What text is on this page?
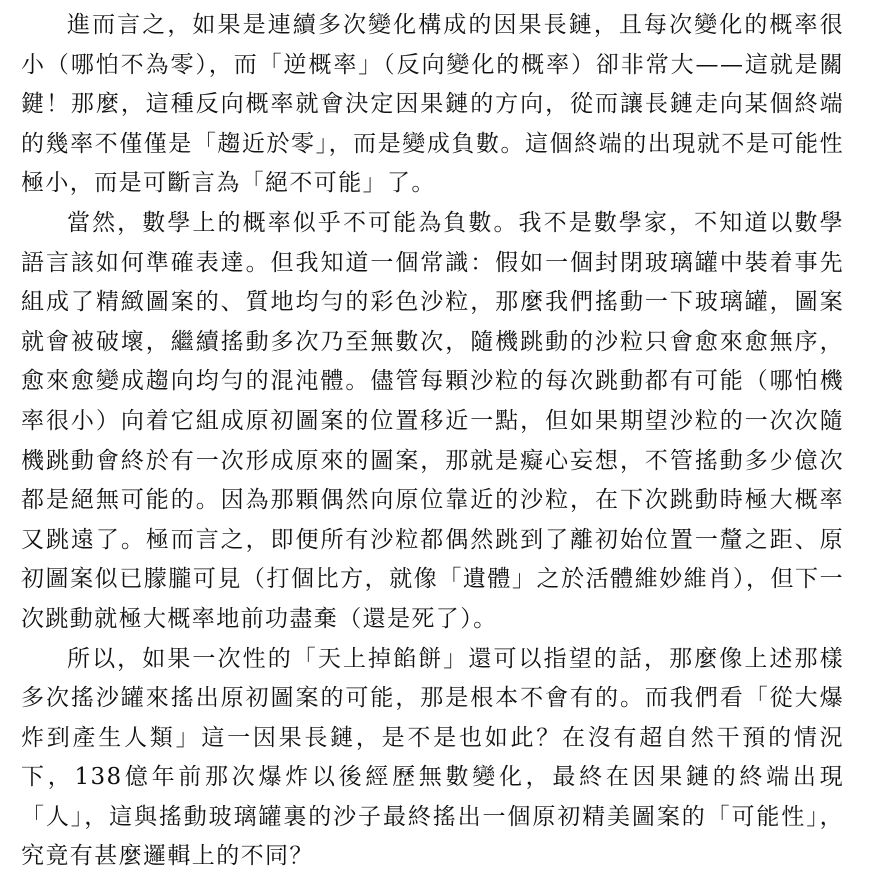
進而言之，如果是連續多次變化構成的因果長鏈，且每次變化的概率很小（哪怕不為零），而「逆概率」（反向變化的概率）卻非常大——這就是關鍵！那麼，這種反向概率就會決定因果鏈的方向，從而讓長鏈走向某個終端的幾率不僅僅是「趨近於零」，而是變成負數。這個終端的出現就不是可能性極小，而是可斷言為「絕不可能」了。

當然，數學上的概率似乎不可能為負數。我不是數學家，不知道以數學語言該如何準確表達。但我知道一個常識：假如一個封閉玻璃罐中裝着事先組成了精緻圖案的、質地均勻的彩色沙粒，那麼我們搖動一下玻璃罐，圖案就會被破壞，繼續搖動多次乃至無數次，隨機跳動的沙粒只會愈來愈無序，愈來愈變成趨向均勻的混沌體。儘管每顆沙粒的每次跳動都有可能（哪怕機率很小）向着它組成原初圖案的位置移近一點，但如果期望沙粒的一次次隨機跳動會終於有一次形成原來的圖案，那就是癡心妄想，不管搖動多少億次都是絕無可能的。因為那顆偶然向原位靠近的沙粒，在下次跳動時極大概率又跳遠了。極而言之，即便所有沙粒都偶然跳到了離初始位置一釐之距、原初圖案似已朦朧可見（打個比方，就像「遺體」之於活體維妙維肖），但下一次跳動就極大概率地前功盡棄（還是死了）。

所以，如果一次性的「天上掉餡餅」還可以指望的話，那麼像上述那樣多次搖沙罐來搖出原初圖案的可能，那是根本不會有的。而我們看「從大爆炸到產生人類」這一因果長鏈，是不是也如此？在沒有超自然干預的情況下，138億年前那次爆炸以後經歷無數變化，最終在因果鏈的終端出現「人」，這與搖動玻璃罐裏的沙子最終搖出一個原初精美圖案的「可能性」，究竟有甚麼邏輯上的不同？
